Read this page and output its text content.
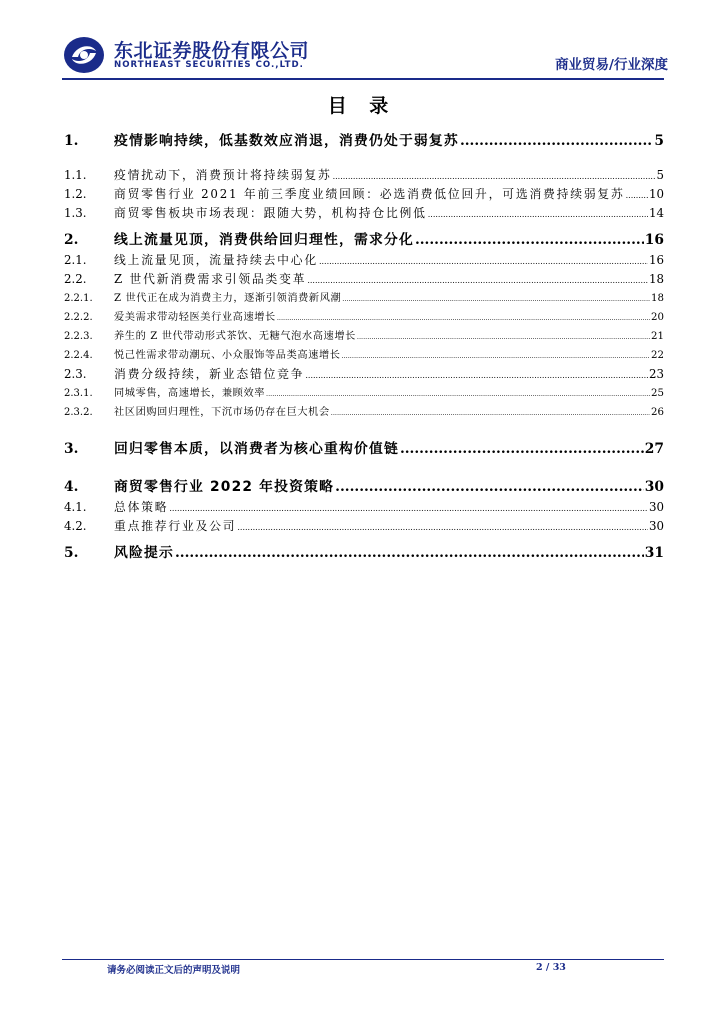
东北证券股份有限公司
NORTHEAST SECURITIES CO.,LTD.	商业贸易/行业深度
目 录
1.	疫情影响持续，低基数效应消退，消费仍处于弱复苏 .....	5
1.1.	疫情扰动下，消费预计将持续弱复苏 .....	5
1.2.	商贸零售行业 2021 年前三季度业绩回顾：必选消费低位回升，可选消费持续弱复苏 ..... 10
1.3.	商贸零售板块市场表现：跟随大势，机构持仓比例低 .....	14
2.	线上流量见顶，消费供给回归理性，需求分化 .....	16
2.1.	线上流量见顶，流量持续去中心化 .....	16
2.2.	Z 世代新消费需求引领品类变革 .....	18
2.2.1.	Z 世代正在成为消费主力，逐渐引领消费新风潮 .....	18
2.2.2.	爱美需求带动轻医美行业高速增长 .....	20
2.2.3.	养生的 Z 世代带动形式茶饮、无糖气泡水高速增长 .....	21
2.2.4.	悦己性需求带动潮玩、小众服饰等品类高速增长 .....	22
2.3.	消费分级持续，新业态错位竞争 .....	23
2.3.1.	同城零售，高速增长，兼顾效率 .....	25
2.3.2.	社区团购回归理性，下沉市场仍存在巨大机会 .....	26
3.	回归零售本质，以消费者为核心重构价值链 .....	27
4.	商贸零售行业 2022 年投资策略 .....	30
4.1.	总体策略 .....	30
4.2.	重点推荐行业及公司 .....	30
5.	风险提示 .....	31
请务必阅读正文后的声明及说明	2 / 33
